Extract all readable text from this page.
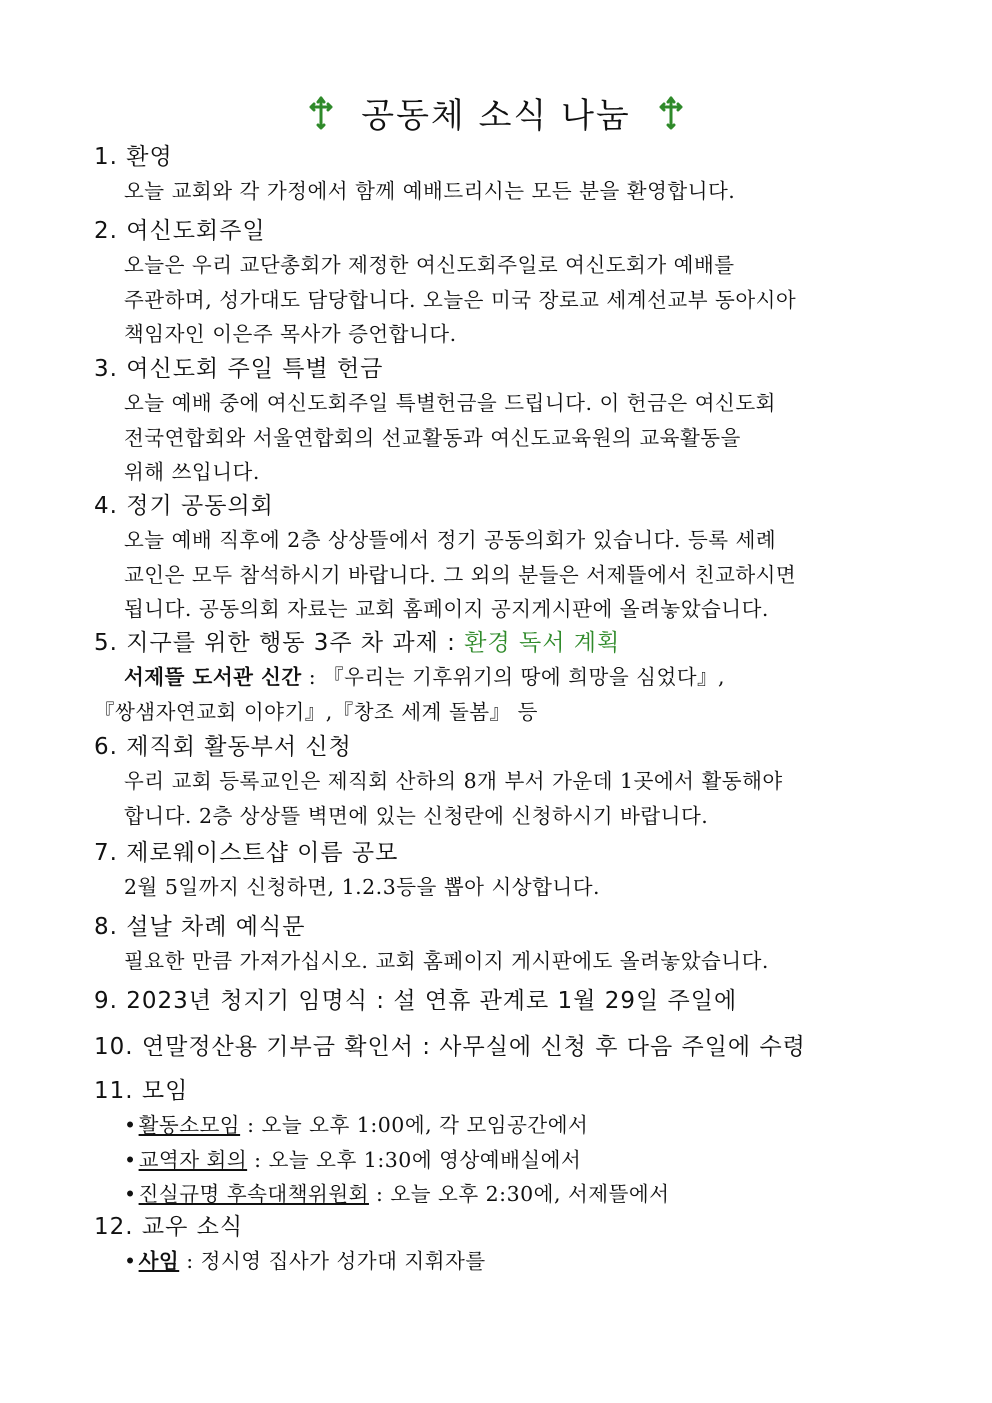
공동체 소식 나눔
1. 환영
오늘 교회와 각 가정에서 함께 예배드리시는 모든 분을 환영합니다.
2. 여신도회주일
오늘은 우리 교단총회가 제정한 여신도회주일로 여신도회가 예배를
주관하며, 성가대도 담당합니다. 오늘은 미국 장로교 세계선교부 동아시아
책임자인 이은주 목사가 증언합니다.
3. 여신도회 주일 특별 헌금
오늘 예배 중에 여신도회주일 특별헌금을 드립니다. 이 헌금은 여신도회
전국연합회와 서울연합회의 선교활동과 여신도교육원의 교육활동을
위해 쓰입니다.
4. 정기 공동의회
오늘 예배 직후에 2층 상상뜰에서 정기 공동의회가 있습니다. 등록 세례
교인은 모두 참석하시기 바랍니다. 그 외의 분들은 서제뜰에서 친교하시면
됩니다. 공동의회 자료는 교회 홈페이지 공지게시판에 올려놓았습니다.
5. 지구를 위한 행동 3주 차 과제 : 환경 독서 계획
서제뜰 도서관 신간 : 『우리는 기후위기의 땅에 희망을 심었다』,
『쌍샘자연교회 이야기』,『창조 세계 돌봄』 등
6. 제직회 활동부서 신청
우리 교회 등록교인은 제직회 산하의 8개 부서 가운데 1곳에서 활동해야
합니다. 2층 상상뜰 벽면에 있는 신청란에 신청하시기 바랍니다.
7. 제로웨이스트샵 이름 공모
2월 5일까지 신청하면, 1.2.3등을 뽑아 시상합니다.
8. 설날 차례 예식문
필요한 만큼 가져가십시오. 교회 홈페이지 게시판에도 올려놓았습니다.
9. 2023년 청지기 임명식 : 설 연휴 관계로 1월 29일 주일에
10. 연말정산용 기부금 확인서 : 사무실에 신청 후 다음 주일에 수령
11. 모임
•활동소모임 : 오늘 오후 1:00에, 각 모임공간에서
•교역자 회의 : 오늘 오후 1:30에 영상예배실에서
•진실규명 후속대책위원회 : 오늘 오후 2:30에, 서제뜰에서
12. 교우 소식
•사임 : 정시영 집사가 성가대 지휘자를
